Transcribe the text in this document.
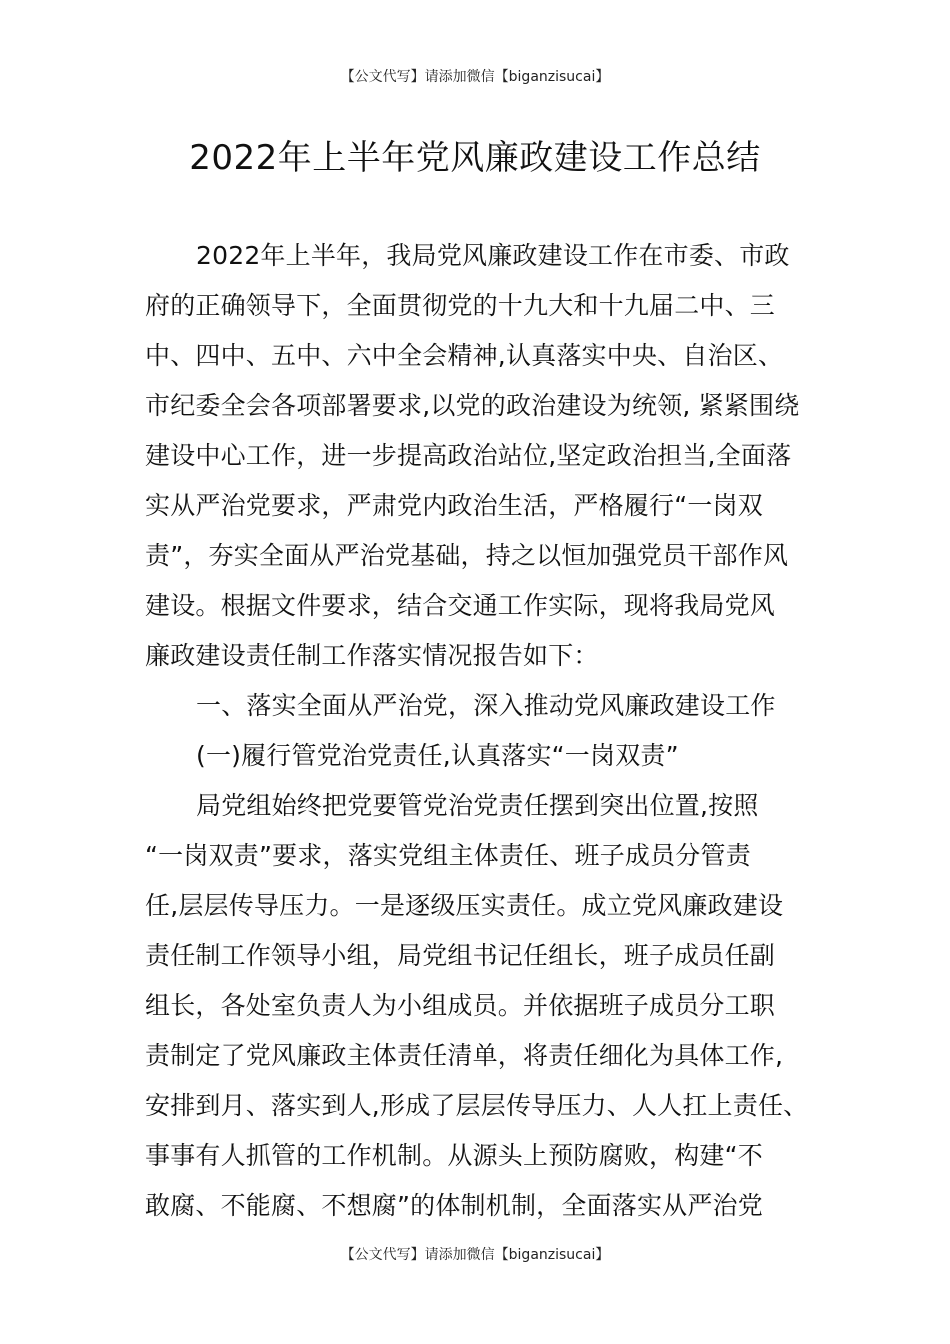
【公文代写】请添加微信【biganzisucai】
2022年上半年党风廉政建设工作总结
2022年上半年，我局党风廉政建设工作在市委、市政
府的正确领导下，全面贯彻党的十九大和十九届二中、三
中、四中、五中、六中全会精神,认真落实中央、自治区、
市纪委全会各项部署要求,以党的政治建设为统领, 紧紧围绕
建设中心工作，进一步提高政治站位,坚定政治担当,全面落
实从严治党要求，严肃党内政治生活，严格履行“一岗双
责”，夯实全面从严治党基础，持之以恒加强党员干部作风
建设。根据文件要求，结合交通工作实际，现将我局党风
廉政建设责任制工作落实情况报告如下：
一、落实全面从严治党，深入推动党风廉政建设工作
(一)履行管党治党责任,认真落实“一岗双责”
局党组始终把党要管党治党责任摆到突出位置,按照
“一岗双责”要求，落实党组主体责任、班子成员分管责
任,层层传导压力。一是逐级压实责任。成立党风廉政建设
责任制工作领导小组，局党组书记任组长，班子成员任副
组长，各处室负责人为小组成员。并依据班子成员分工职
责制定了党风廉政主体责任清单，将责任细化为具体工作,
安排到月、落实到人,形成了层层传导压力、人人扛上责任、
事事有人抓管的工作机制。从源头上预防腐败，构建“不
敢腐、不能腐、不想腐”的体制机制，全面落实从严治党
【公文代写】请添加微信【biganzisucai】
